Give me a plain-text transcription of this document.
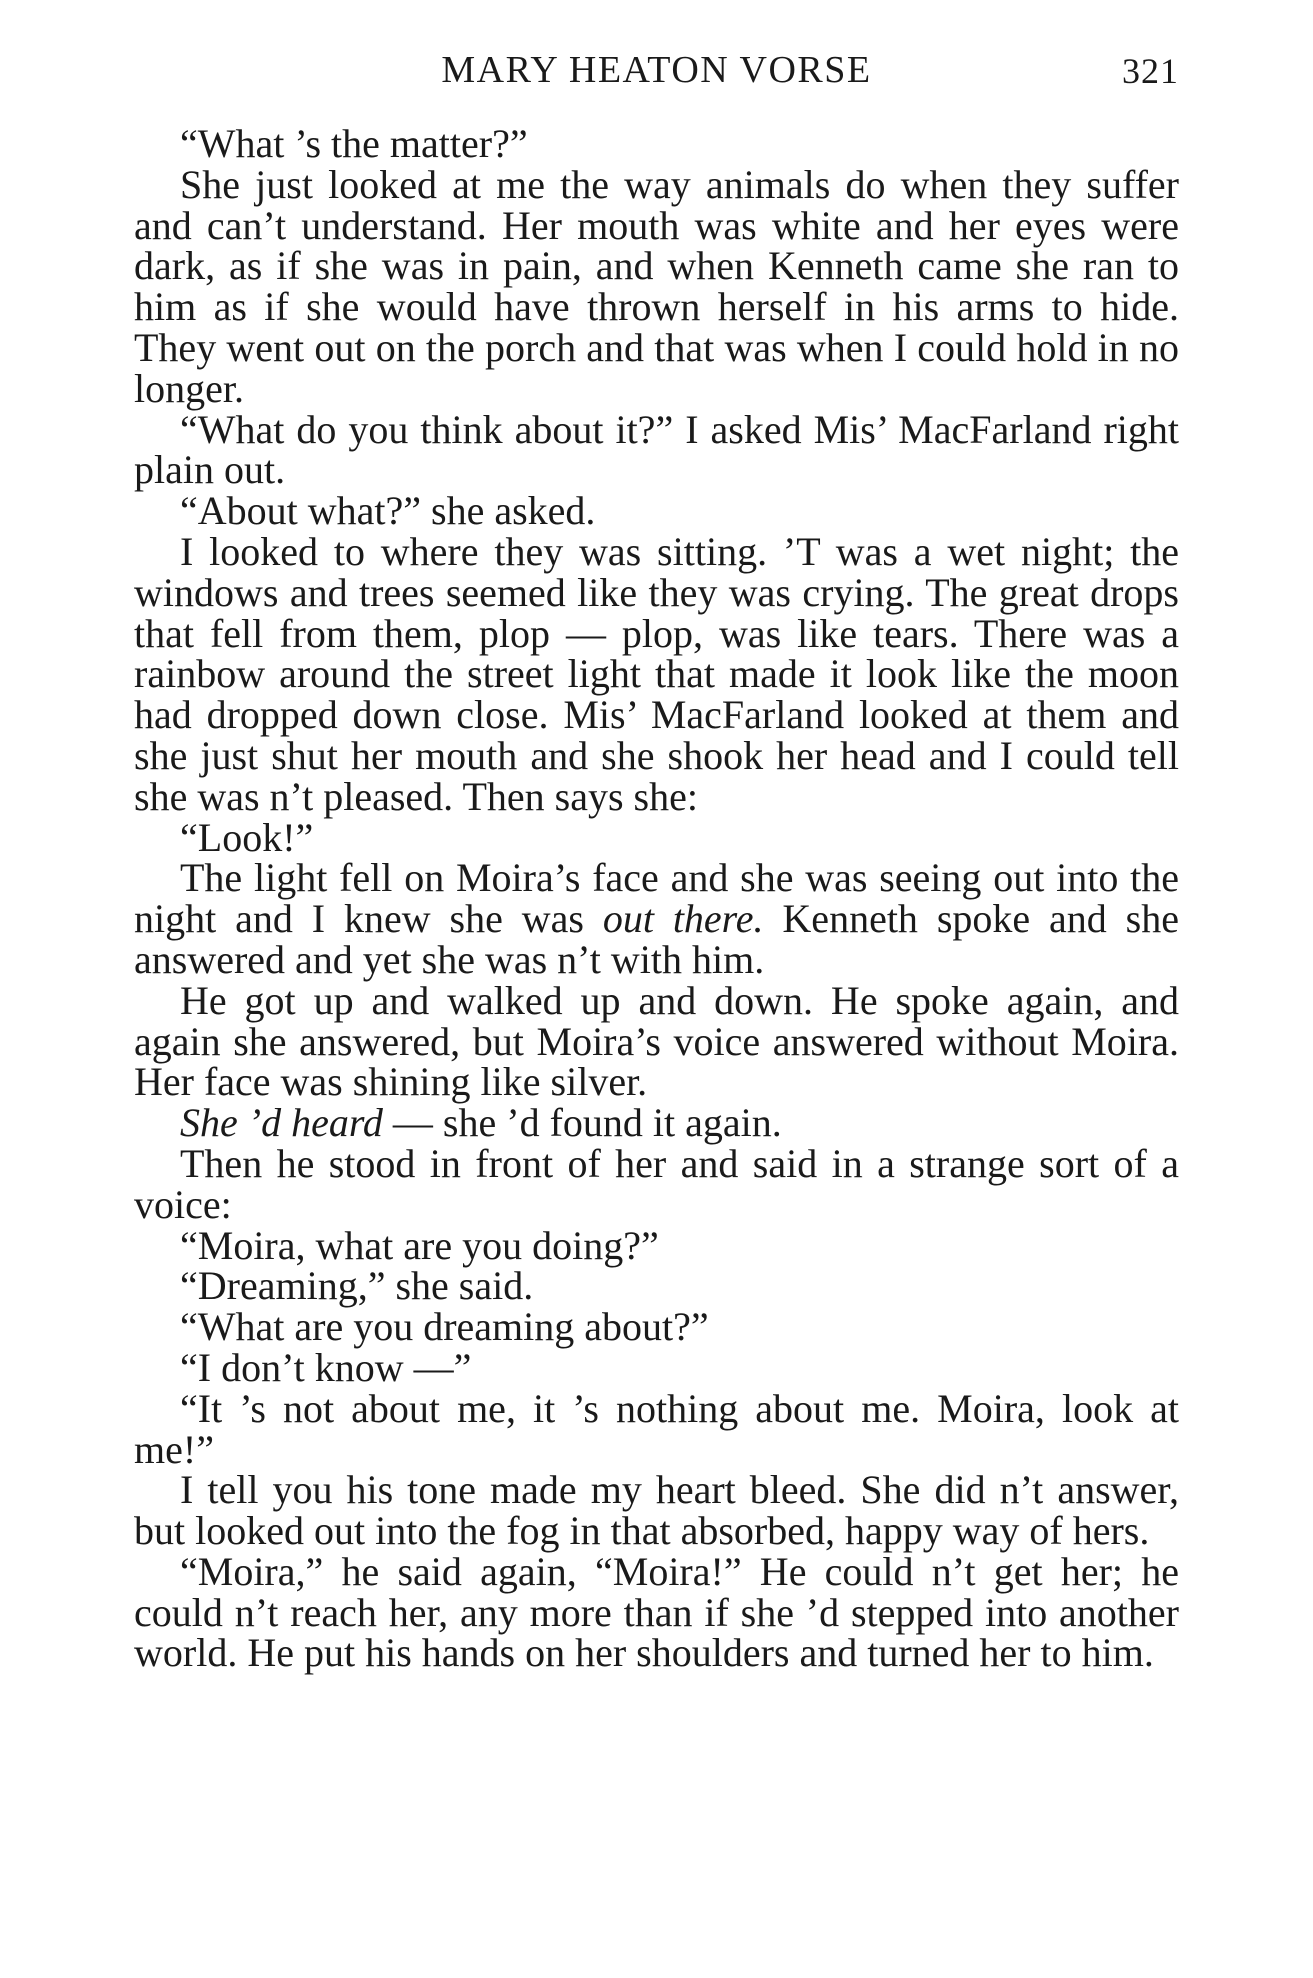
MARY HEATON VORSE	321

“What ’s the matter?”

She just looked at me the way animals do when they suffer and can’t understand. Her mouth was white and her eyes were dark, as if she was in pain, and when Kenneth came she ran to him as if she would have thrown herself in his arms to hide. They went out on the porch and that was when I could hold in no longer.

“What do you think about it?” I asked Mis’ MacFarland right plain out.

“About what?” she asked.

I looked to where they was sitting. ’T was a wet night; the windows and trees seemed like they was crying. The great drops that fell from them, plop — plop, was like tears. There was a rainbow around the street light that made it look like the moon had dropped down close. Mis’ MacFarland looked at them and she just shut her mouth and she shook her head and I could tell she was n’t pleased. Then says she:

“Look!”

The light fell on Moira’s face and she was seeing out into the night and I knew she was out there. Kenneth spoke and she answered and yet she was n’t with him.

He got up and walked up and down. He spoke again, and again she answered, but Moira’s voice answered without Moira. Her face was shining like silver.

She ’d heard — she ’d found it again.

Then he stood in front of her and said in a strange sort of a voice:

“Moira, what are you doing?”

“Dreaming,” she said.

“What are you dreaming about?”

“I don’t know —”

“It ’s not about me, it ’s nothing about me. Moira, look at me!”

I tell you his tone made my heart bleed. She did n’t answer, but looked out into the fog in that absorbed, happy way of hers.

“Moira,” he said again, “Moira!” He could n’t get her; he could n’t reach her, any more than if she ’d stepped into another world. He put his hands on her shoulders and turned her to him.
